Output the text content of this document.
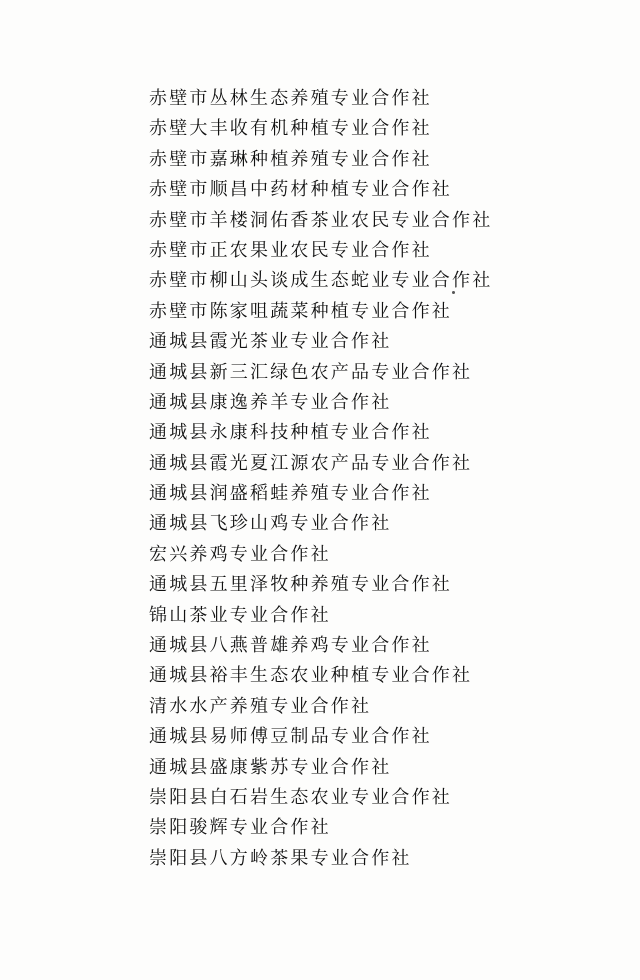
赤壁市丛林生态养殖专业合作社
赤壁大丰收有机种植专业合作社
赤壁市嘉琳种植养殖专业合作社
赤壁市顺昌中药材种植专业合作社
赤壁市羊楼洞佑香茶业农民专业合作社
赤壁市正农果业农民专业合作社
赤壁市柳山头谈成生态蛇业专业合作社
赤壁市陈家咀蔬菜种植专业合作社
通城县霞光茶业专业合作社
通城县新三汇绿色农产品专业合作社
通城县康逸养羊专业合作社
通城县永康科技种植专业合作社
通城县霞光夏江源农产品专业合作社
通城县润盛稻蛙养殖专业合作社
通城县飞珍山鸡专业合作社
宏兴养鸡专业合作社
通城县五里泽牧种养殖专业合作社
锦山茶业专业合作社
通城县八燕普雄养鸡专业合作社
通城县裕丰生态农业种植专业合作社
清水水产养殖专业合作社
通城县易师傅豆制品专业合作社
通城县盛康紫苏专业合作社
崇阳县白石岩生态农业专业合作社
崇阳骏辉专业合作社
崇阳县八方岭茶果专业合作社
